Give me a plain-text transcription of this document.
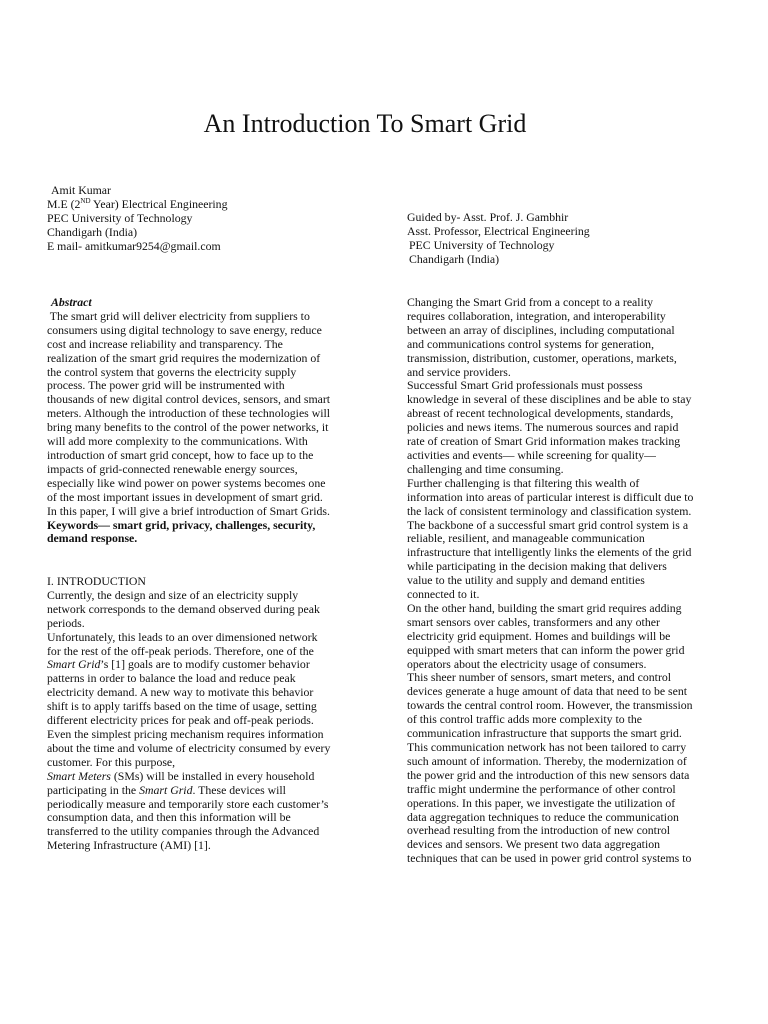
An Introduction To Smart Grid

Amit Kumar

M.E (2ND Year) Electrical Engineering

PEC University of Technology

Chandigarh (India)

E mail- amitkumar9254@gmail.com

Guided by- Asst. Prof. J. Gambhir

Asst. Professor, Electrical Engineering

PEC University of Technology

Chandigarh (India)

Abstract

The smart grid will deliver electricity from suppliers to

consumers using digital technology to save energy, reduce

cost and increase reliability and transparency. The

realization of the smart grid requires the modernization of

the control system that governs the electricity supply

process. The power grid will be instrumented with

thousands of new digital control devices, sensors, and smart

meters. Although the introduction of these technologies will

bring many benefits to the control of the power networks, it

will add more complexity to the communications. With

introduction of smart grid concept, how to face up to the

impacts of grid-connected renewable energy sources,

especially like wind power on power systems becomes one

of the most important issues in development of smart grid.

In this paper, I will give a brief introduction of Smart Grids.

Keywords— smart grid, privacy, challenges, security,

demand response.

I. INTRODUCTION

Currently, the design and size of an electricity supply

network corresponds to the demand observed during peak

periods.

Unfortunately, this leads to an over dimensioned network

for the rest of the off-peak periods. Therefore, one of the

Smart Grid’s [1] goals are to modify customer behavior

patterns in order to balance the load and reduce peak

electricity demand. A new way to motivate this behavior

shift is to apply tariffs based on the time of usage, setting

different electricity prices for peak and off-peak periods.

Even the simplest pricing mechanism requires information

about the time and volume of electricity consumed by every

customer. For this purpose,

Smart Meters (SMs) will be installed in every household

participating in the Smart Grid. These devices will

periodically measure and temporarily store each customer’s

consumption data, and then this information will be

transferred to the utility companies through the Advanced

Metering Infrastructure (AMI) [1].

Changing the Smart Grid from a concept to a reality

requires collaboration, integration, and interoperability

between an array of disciplines, including computational

and communications control systems for generation,

transmission, distribution, customer, operations, markets,

and service providers.

Successful Smart Grid professionals must possess

knowledge in several of these disciplines and be able to stay

abreast of recent technological developments, standards,

policies and news items. The numerous sources and rapid

rate of creation of Smart Grid information makes tracking

activities and events— while screening for quality—

challenging and time consuming.

Further challenging is that filtering this wealth of

information into areas of particular interest is difficult due to

the lack of consistent terminology and classification system.

The backbone of a successful smart grid control system is a

reliable, resilient, and manageable communication

infrastructure that intelligently links the elements of the grid

while participating in the decision making that delivers

value to the utility and supply and demand entities

connected to it.

On the other hand, building the smart grid requires adding

smart sensors over cables, transformers and any other

electricity grid equipment. Homes and buildings will be

equipped with smart meters that can inform the power grid

operators about the electricity usage of consumers.

This sheer number of sensors, smart meters, and control

devices generate a huge amount of data that need to be sent

towards the central control room. However, the transmission

of this control traffic adds more complexity to the

communication infrastructure that supports the smart grid.

This communication network has not been tailored to carry

such amount of information. Thereby, the modernization of

the power grid and the introduction of this new sensors data

traffic might undermine the performance of other control

operations. In this paper, we investigate the utilization of

data aggregation techniques to reduce the communication

overhead resulting from the introduction of new control

devices and sensors. We present two data aggregation

techniques that can be used in power grid control systems to
